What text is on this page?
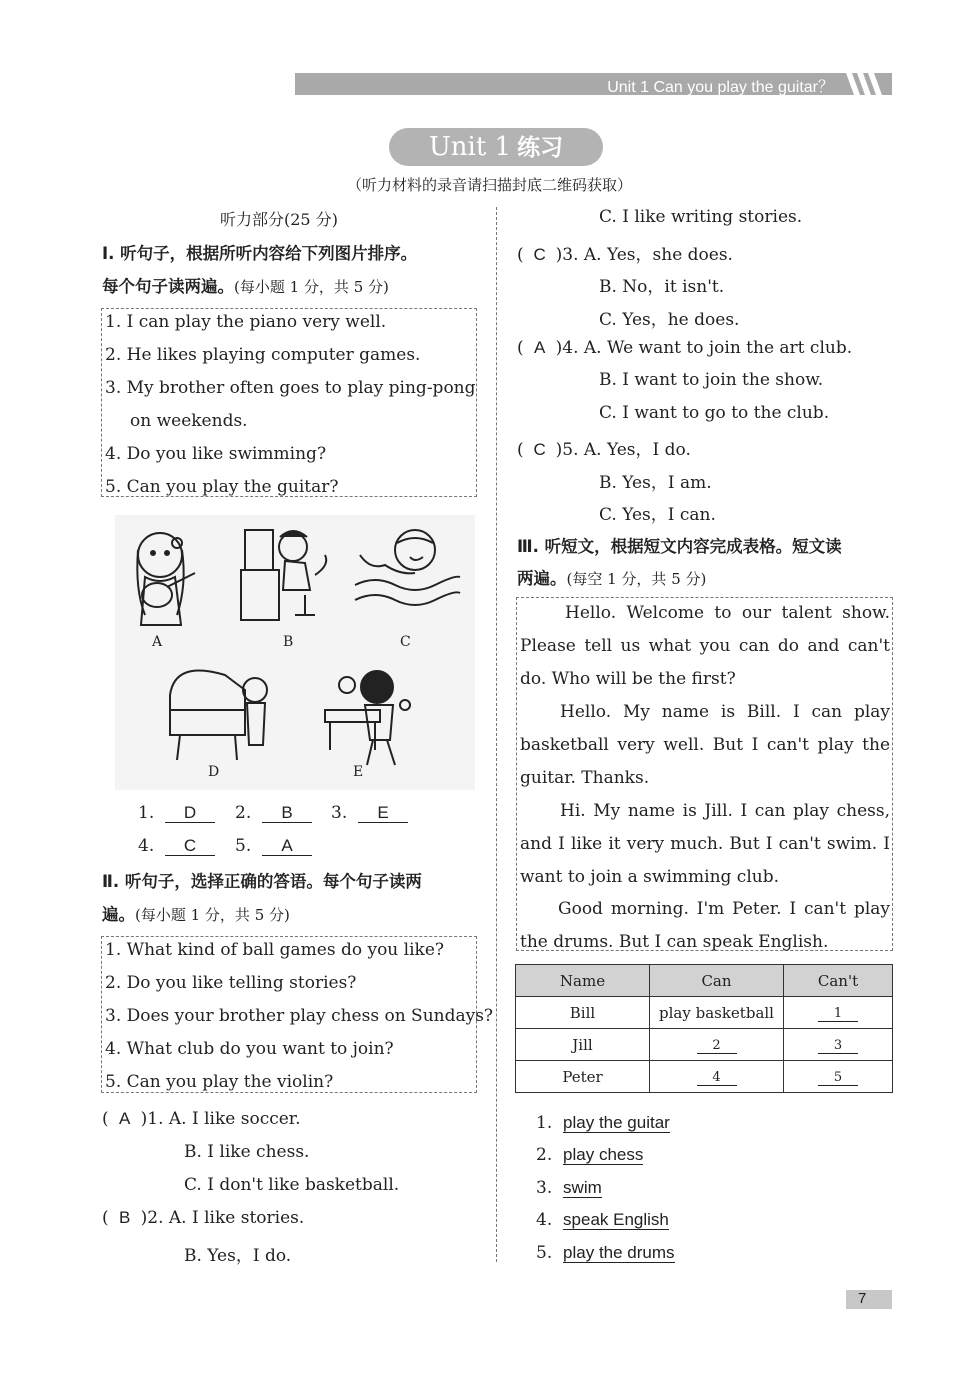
Unit 1 Can you play the guitar？
Unit 1 练习
（听力材料的录音请扫描封底二维码获取）
听力部分(25 分)
Ⅰ. 听句子，根据所听内容给下列图片排序。
每个句子读两遍。(每小题 1 分，共 5 分)
1. I can play the piano very well.
2. He likes playing computer games.
3. My brother often goes to play ping-pong
on weekends.
4. Do you like swimming?
5. Can you play the guitar?
A	B	C
D	E
1. D	2. B	3. E
4. C	5. A
Ⅱ. 听句子，选择正确的答语。每个句子读两
遍。(每小题 1 分，共 5 分)
1. What kind of ball games do you like?
2. Do you like telling stories?
3. Does your brother play chess on Sundays?
4. What club do you want to join?
5. Can you play the violin?
( A )1. A. I like soccer.
B. I like chess.
C. I don't like basketball.
( B )2. A. I like stories.
B. Yes，I do.
C. I like writing stories.
( C )3. A. Yes，she does.
B. No，it isn't.
C. Yes，he does.
( A )4. A. We want to join the art club.
B. I want to join the show.
C. I want to go to the club.
( C )5. A. Yes，I do.
B. Yes，I am.
C. Yes，I can.
Ⅲ. 听短文，根据短文内容完成表格。短文读
两遍。(每空 1 分，共 5 分)
Hello. Welcome to our talent show. Please tell us what you can do and can't do. Who will be the first?
Hello. My name is Bill. I can play basketball very well. But I can't play the guitar. Thanks.
Hi. My name is Jill. I can play chess, and I like it very much. But I can't swim. I want to join a swimming club.
Good morning. I'm Peter. I can't play the drums. But I can speak English.
Name	Can	Can't
Bill	play basketball	1
Jill	2	3
Peter	4	5
1. play the guitar
2. play chess
3. swim
4. speak English
5. play the drums
7
